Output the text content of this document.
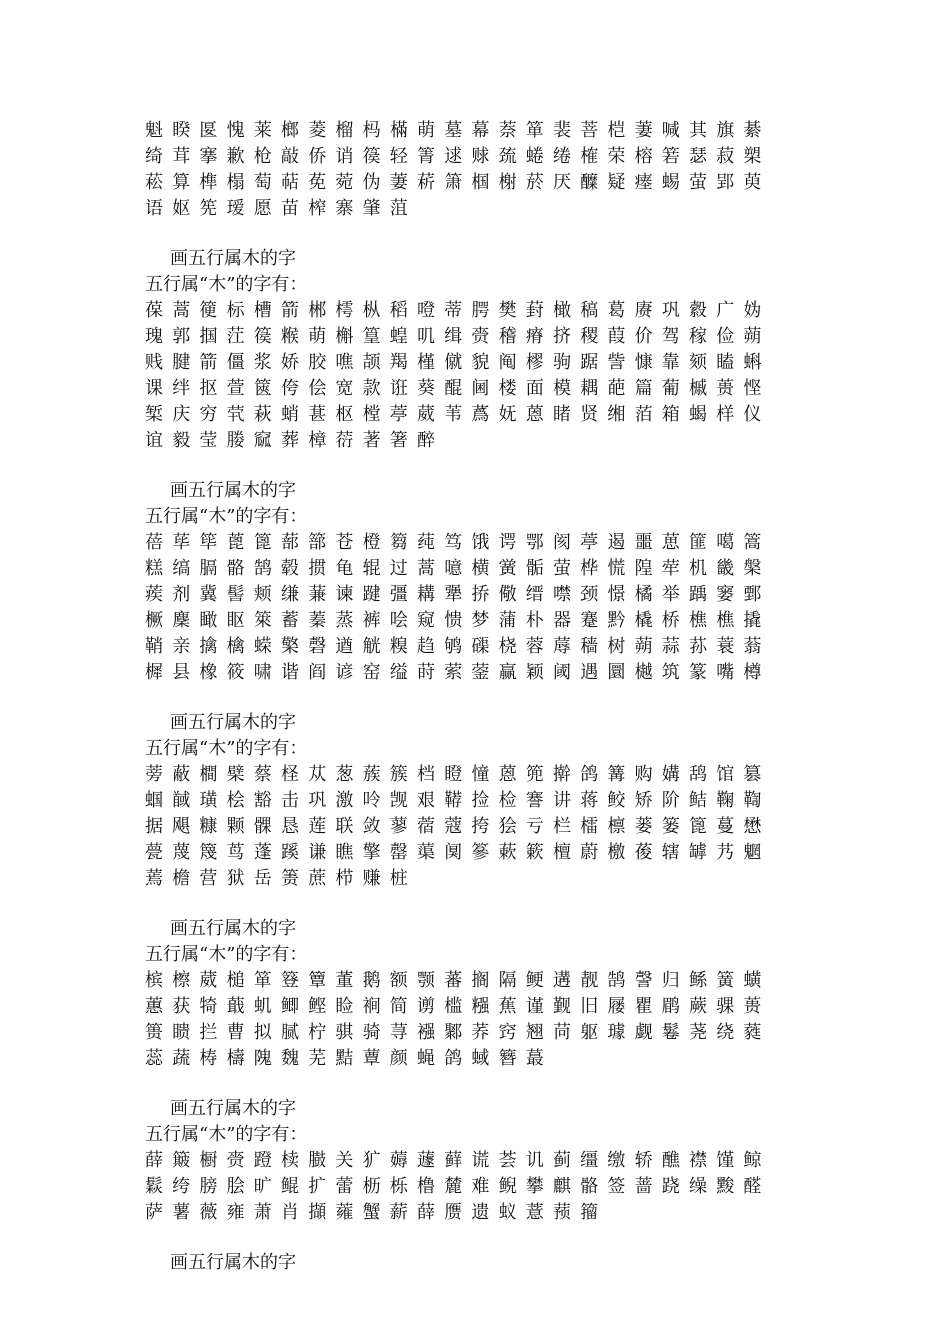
魁睽匽愧莱榔菱榴杩樠萌墓幕萘箪裴菩桤萋喊其旗綦
绮茸搴歉枪敲侨诮篌轻箐逑赇巯蜷绻榷荣榕箬瑟菽槊
菘算榫榻萄萜莬菀伪萋菥箫椢榭菸厌醾疑瘗蜴萤郢萸
语妪筅瑷愿苗榨寨肇菹
画五行属木的字
五行属“木”的字有：
葆蒿箯标槽箭郴樗枞稻噔蒂腭樊葑橄稿葛赓巩縠广妫
瑰郭掴茳篌糇萌槲篁蝗叽缉赍稽瘠挤稷葭价驾稼俭蒴
贱腱箭僵浆娇胶噍颉羯槿僦貌阄樛驹踞訾慷靠颏瞌蝌
课绊抠萱篋侉侩宽款诳葵醌阃楼面模耦葩篇葡槭蒉悭
椠庆穷茕萩蛸葚枢樘葶葳苇蔿妩蒽睹贤缃萡箱蝎样仪
谊毅莹媵窳葬樟葕著箸醉
画五行属木的字
五行属“木”的字有：
蓓荜筚蓖篦蔀篰苍橙篘莼笃饿谔鄂阂葶遏噩葸篚噶篙
糕缟膈骼鹄毂掼龟辊过蒿噫横黉骺萤桦慌隍荦机畿槃
蒺剂冀髻颊缣蒹谏踺彊耩犟挢儆缙噤颈憬橘举踽窭鄄
橛麇瞰眍箂蓄蓁蒸裤哙窥愦梦蒲朴器蹇黔橇桥樵樵撬
鞘亲擒檎蝾檠磬遒觥糗趋鸲磲桡蓉蓐穑树蒴蒜荪蓑蓊
樨县橡筱啸谐阎谚窑缢莳萦蓥赢颖阈遇圜樾筑篆嘴樽
画五行属木的字
五行属“木”的字有：
蒡蔽橺檗蔡柽苁葱蔟簇档瞪憧蒽篼擀鸽篝购媾鸹馆篡
蝈馘璜桧豁击巩激呤觊艰鞯捡检謇讲蒋鲛矫阶鲒鞠鞫
据飓糠颗髁恳莲联敛蓼蓿蔻挎狯亏栏檑檩蒌篓篦蔓懋
甍蔑篾茑蓬蹊谦瞧擎罄蕖阒篸蔌簌檀蔚檄葰辖罅艿魍
蔫檐营狱岳箦蔗栉赚桩
画五行属木的字
五行属“木”的字有：
槟檫葳槌箪簦簟董鹅额颚蕃搁隔鲠遘靓鹄謦归鲧簧蟥
蕙获犄蕺虮鲫鲣睑裥简谫槛糨蕉谨觐旧屦瞿鹛蕨骒蒉
篑瞆拦曹拟腻柠骐骑荨襁鄹荞窍翘苘躯璩觑鬈荛绕蕤
蕊蔬梼檮隗魏芜黠蕈颜蝇鸽蜮簪蕞
画五行属木的字
五行属“木”的字有：
薛簸橱赍蹬椟臌关犷薅蘧藓谎荟讥蓟缰缴轿醮襟馑鲸
鬏绔膀脍旷鲲扩蕾枥栎橹麓难鲵攀麒骼签蔷跷缲黢醛
萨薯薇雍萧肖擷蕹蟹薪薛赝遗蚁薏蓣籀
画五行属木的字
